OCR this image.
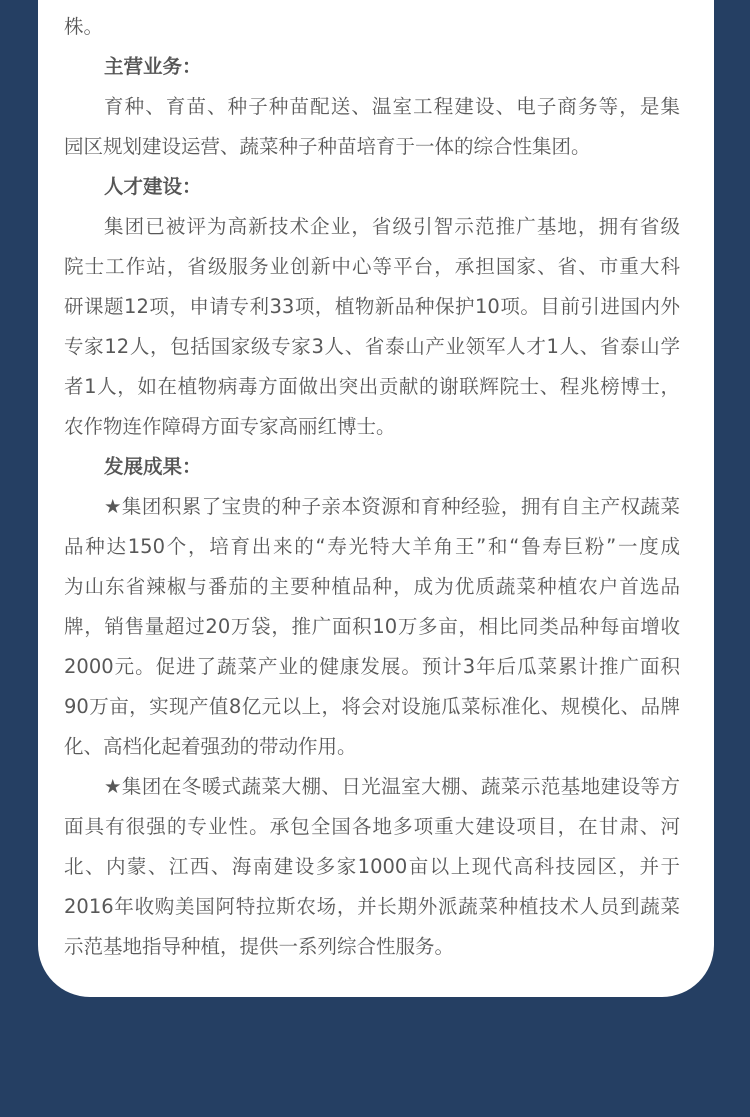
株。
主营业务：
育种、育苗、种子种苗配送、温室工程建设、电子商务等，是集
园区规划建设运营、蔬菜种子种苗培育于一体的综合性集团。
人才建设：
集团已被评为高新技术企业，省级引智示范推广基地，拥有省级
院士工作站，省级服务业创新中心等平台，承担国家、省、市重大科
研课题12项，申请专利33项，植物新品种保护10项。目前引进国内外
专家12人，包括国家级专家3人、省泰山产业领军人才1人、省泰山学
者1人，如在植物病毒方面做出突出贡献的谢联辉院士、程兆榜博士，
农作物连作障碍方面专家高丽红博士。
发展成果：
★集团积累了宝贵的种子亲本资源和育种经验，拥有自主产权蔬菜
品种达150个，培育出来的“寿光特大羊角王”和“鲁寿巨粉”一度成
为山东省辣椒与番茄的主要种植品种，成为优质蔬菜种植农户首选品
牌，销售量超过20万袋，推广面积10万多亩，相比同类品种每亩增收
2000元。促进了蔬菜产业的健康发展。预计3年后瓜菜累计推广面积
90万亩，实现产值8亿元以上，将会对设施瓜菜标准化、规模化、品牌
化、高档化起着强劲的带动作用。
★集团在冬暖式蔬菜大棚、日光温室大棚、蔬菜示范基地建设等方
面具有很强的专业性。承包全国各地多项重大建设项目，在甘肃、河
北、内蒙、江西、海南建设多家1000亩以上现代高科技园区，并于
2016年收购美国阿特拉斯农场，并长期外派蔬菜种植技术人员到蔬菜
示范基地指导种植，提供一系列综合性服务。
